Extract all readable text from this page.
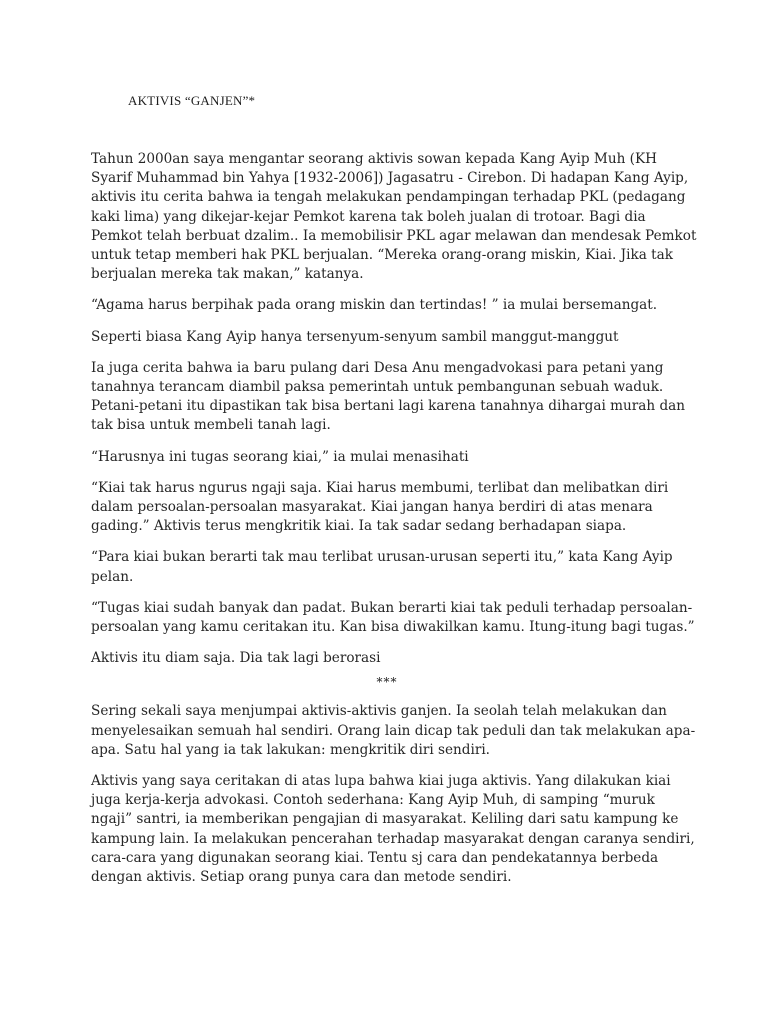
AKTIVIS “GANJEN”*

Tahun 2000an saya mengantar seorang aktivis sowan kepada Kang Ayip Muh (KH
Syarif Muhammad bin Yahya [1932-2006]) Jagasatru - Cirebon. Di hadapan Kang Ayip,
aktivis itu cerita bahwa ia tengah melakukan pendampingan terhadap PKL (pedagang
kaki lima) yang dikejar-kejar Pemkot karena tak boleh jualan di trotoar. Bagi dia
Pemkot telah berbuat dzalim.. Ia memobilisir PKL agar melawan dan mendesak Pemkot
untuk tetap memberi hak PKL berjualan. “Mereka orang-orang miskin, Kiai. Jika tak
berjualan mereka tak makan,” katanya.

“Agama harus berpihak pada orang miskin dan tertindas! ” ia mulai bersemangat.

Seperti biasa Kang Ayip hanya tersenyum-senyum sambil manggut-manggut

Ia juga cerita bahwa ia baru pulang dari Desa Anu mengadvokasi para petani yang
tanahnya terancam diambil paksa pemerintah untuk pembangunan sebuah waduk.
Petani-petani itu dipastikan tak bisa bertani lagi karena tanahnya dihargai murah dan
tak bisa untuk membeli tanah lagi.

“Harusnya ini tugas seorang kiai,” ia mulai menasihati

“Kiai tak harus ngurus ngaji saja. Kiai harus membumi, terlibat dan melibatkan diri
dalam persoalan-persoalan masyarakat. Kiai jangan hanya berdiri di atas menara
gading.” Aktivis terus mengkritik kiai. Ia tak sadar sedang berhadapan siapa.

“Para kiai bukan berarti tak mau terlibat urusan-urusan seperti itu,” kata Kang Ayip
pelan.

“Tugas kiai sudah banyak dan padat. Bukan berarti kiai tak peduli terhadap persoalan-
persoalan yang kamu ceritakan itu. Kan bisa diwakilkan kamu. Itung-itung bagi tugas.”

Aktivis itu diam saja. Dia tak lagi berorasi

***

Sering sekali saya menjumpai aktivis-aktivis ganjen. Ia seolah telah melakukan dan
menyelesaikan semuah hal sendiri. Orang lain dicap tak peduli dan tak melakukan apa-
apa. Satu hal yang ia tak lakukan: mengkritik diri sendiri.

Aktivis yang saya ceritakan di atas lupa bahwa kiai juga aktivis. Yang dilakukan kiai
juga kerja-kerja advokasi. Contoh sederhana: Kang Ayip Muh, di samping “muruk
ngaji” santri, ia memberikan pengajian di masyarakat. Keliling dari satu kampung ke
kampung lain. Ia melakukan pencerahan terhadap masyarakat dengan caranya sendiri,
cara-cara yang digunakan seorang kiai. Tentu sj cara dan pendekatannya berbeda
dengan aktivis. Setiap orang punya cara dan metode sendiri.
